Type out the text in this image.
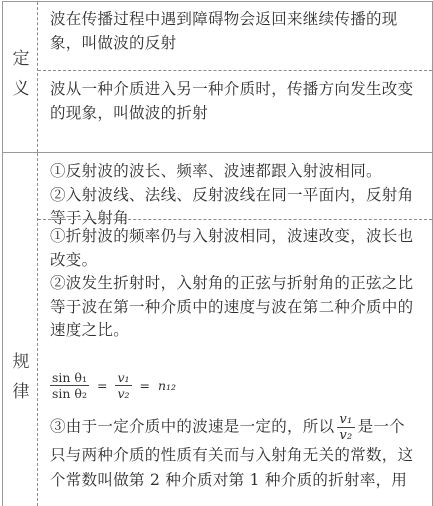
定
义

波在传播过程中遇到障碍物会返回来继续传播的现象，叫做波的反射

波从一种介质进入另一种介质时，传播方向发生改变的现象，叫做波的折射

规
律

①反射波的波长、频率、波速都跟入射波相同。

②入射波线、法线、反射波线在同一平面内，反射角等于入射角

①折射波的频率仍与入射波相同，波速改变，波长也改变。

②波发生折射时，入射角的正弦与折射角的正弦之比等于波在第一种介质中的速度与波在第二种介质中的速度之比。

$\frac{\text{sin θ₁}}{\text{sin θ₂}} = \frac{\text{v₁}}{\text{v₂}} = n_{12}$

③由于一定介质中的波速是一定的，所以 $\frac{\text{v₁}}{\text{v₂}}$ 是一个

只与两种介质的性质有关而与入射角无关的常数，这

个常数叫做第 2 种介质对第 1 种介质的折射率，用
